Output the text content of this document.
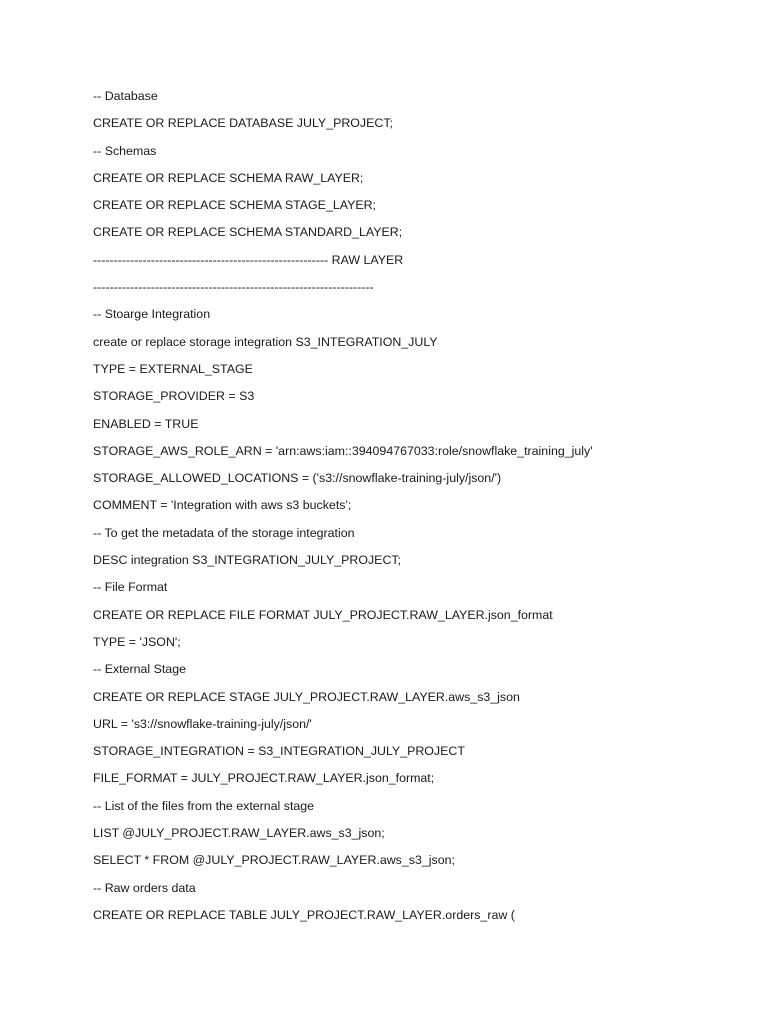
-- Database
CREATE OR REPLACE DATABASE JULY_PROJECT;
-- Schemas
CREATE OR REPLACE SCHEMA RAW_LAYER;
CREATE OR REPLACE SCHEMA STAGE_LAYER;
CREATE OR REPLACE SCHEMA STANDARD_LAYER;
--------------------------------------------------------- RAW LAYER
--------------------------------------------------------------------
-- Stoarge Integration
create or replace storage integration S3_INTEGRATION_JULY
TYPE = EXTERNAL_STAGE
STORAGE_PROVIDER = S3
ENABLED = TRUE
STORAGE_AWS_ROLE_ARN = 'arn:aws:iam::394094767033:role/snowflake_training_july'
STORAGE_ALLOWED_LOCATIONS = ('s3://snowflake-training-july/json/')
COMMENT = 'Integration with aws s3 buckets';
-- To get the metadata of the storage integration
DESC integration S3_INTEGRATION_JULY_PROJECT;
-- File Format
CREATE OR REPLACE FILE FORMAT JULY_PROJECT.RAW_LAYER.json_format
TYPE = 'JSON';
-- External Stage
CREATE OR REPLACE STAGE JULY_PROJECT.RAW_LAYER.aws_s3_json
URL = 's3://snowflake-training-july/json/'
STORAGE_INTEGRATION = S3_INTEGRATION_JULY_PROJECT
FILE_FORMAT = JULY_PROJECT.RAW_LAYER.json_format;
-- List of the files from the external stage
LIST @JULY_PROJECT.RAW_LAYER.aws_s3_json;
SELECT * FROM @JULY_PROJECT.RAW_LAYER.aws_s3_json;
-- Raw orders data
CREATE OR REPLACE TABLE JULY_PROJECT.RAW_LAYER.orders_raw (
